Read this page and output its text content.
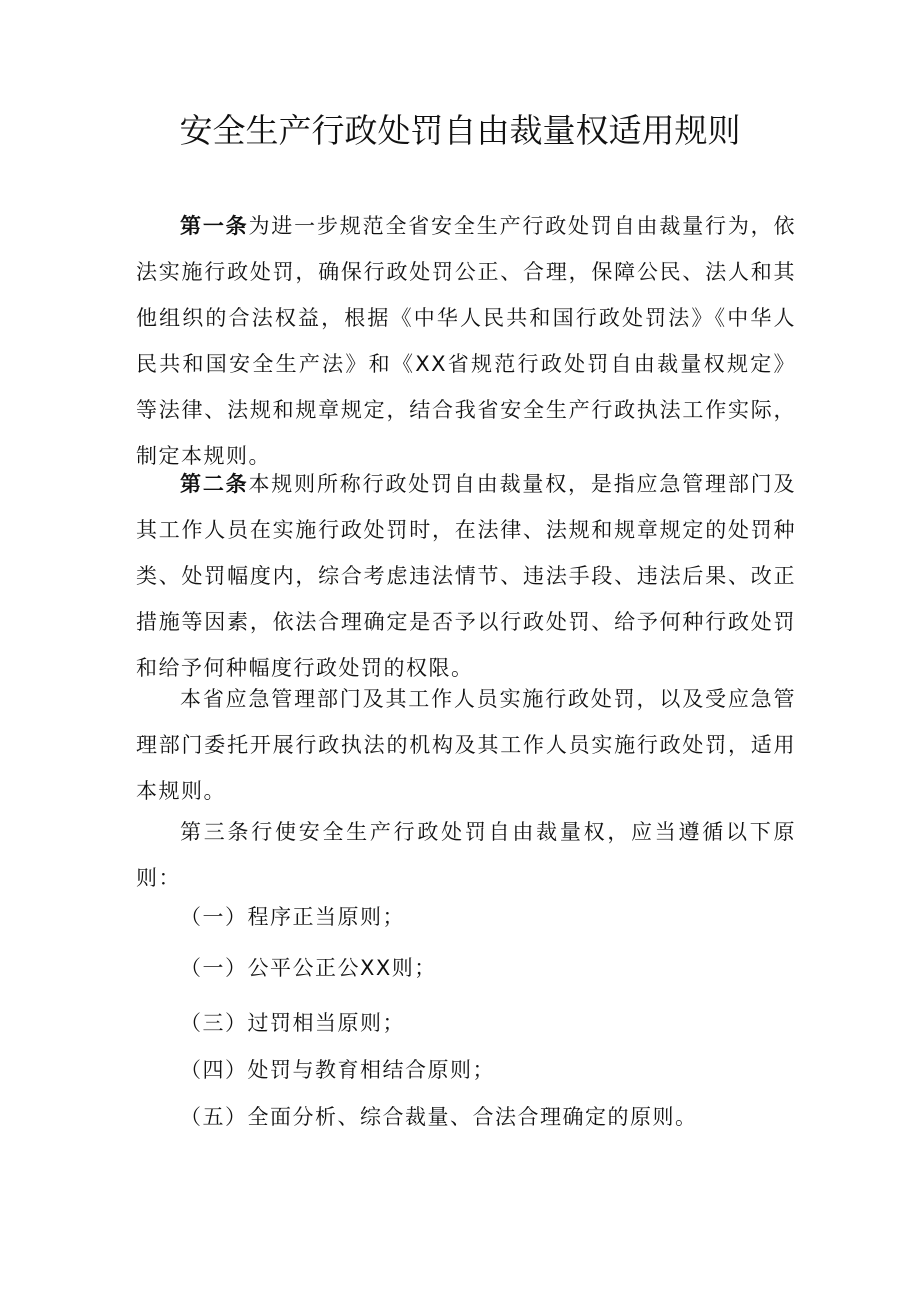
安全生产行政处罚自由裁量权适用规则

第一条为进一步规范全省安全生产行政处罚自由裁量行为，依法实施行政处罚，确保行政处罚公正、合理，保障公民、法人和其他组织的合法权益，根据《中华人民共和国行政处罚法》《中华人民共和国安全生产法》和《XX省规范行政处罚自由裁量权规定》等法律、法规和规章规定，结合我省安全生产行政执法工作实际，制定本规则。

第二条本规则所称行政处罚自由裁量权，是指应急管理部门及其工作人员在实施行政处罚时，在法律、法规和规章规定的处罚种类、处罚幅度内，综合考虑违法情节、违法手段、违法后果、改正措施等因素，依法合理确定是否予以行政处罚、给予何种行政处罚和给予何种幅度行政处罚的权限。

本省应急管理部门及其工作人员实施行政处罚，以及受应急管理部门委托开展行政执法的机构及其工作人员实施行政处罚，适用本规则。

第三条行使安全生产行政处罚自由裁量权，应当遵循以下原则：

（一）程序正当原则；

（一）公平公正公XX则；

（三）过罚相当原则；

（四）处罚与教育相结合原则；

（五）全面分析、综合裁量、合法合理确定的原则。
